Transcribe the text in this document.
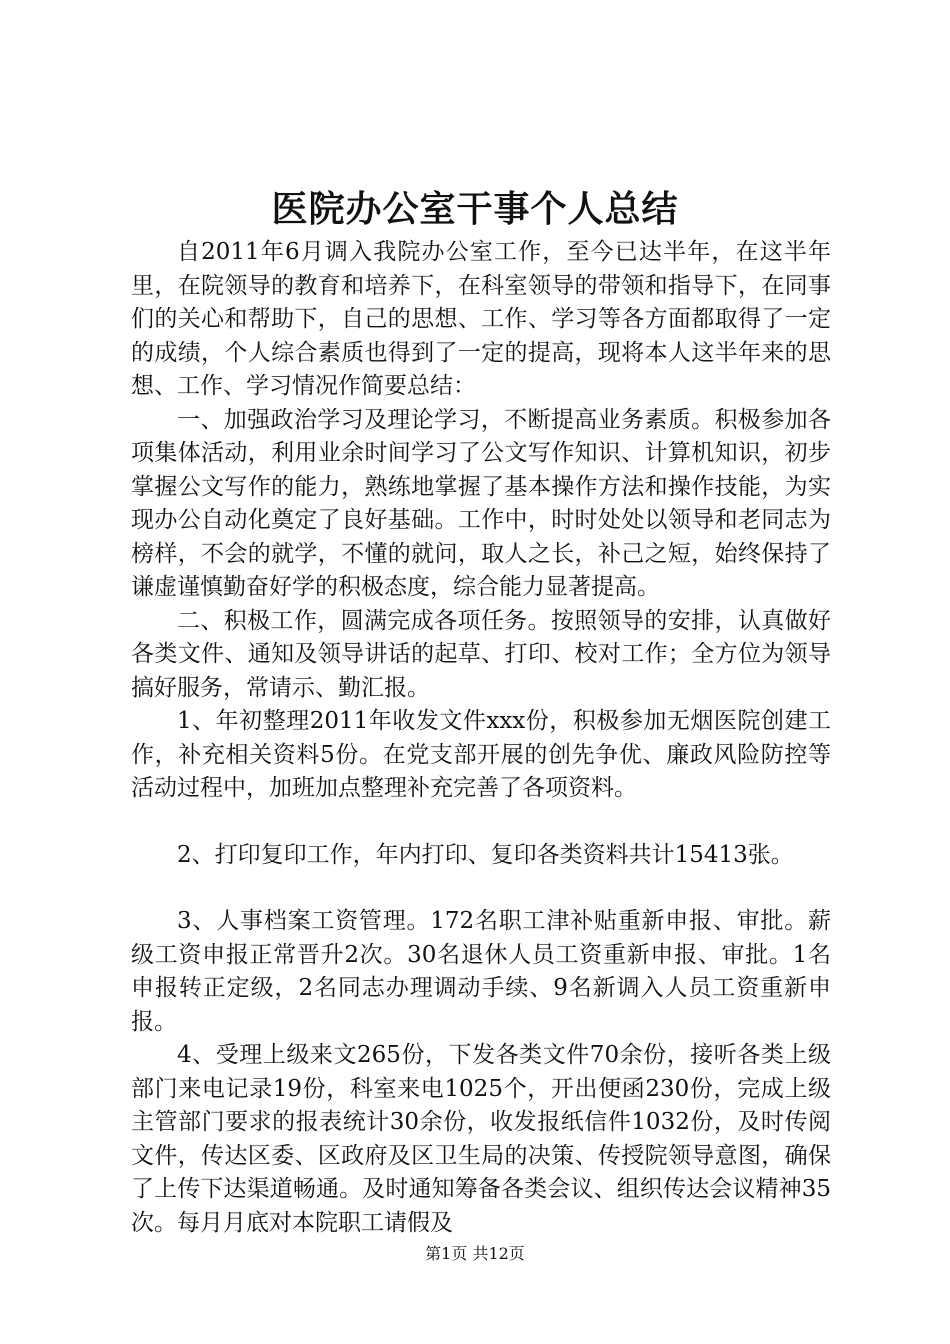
医院办公室干事个人总结

自2011年6月调入我院办公室工作，至今已达半年，在这半年里，在院领导的教育和培养下，在科室领导的带领和指导下，在同事们的关心和帮助下，自己的思想、工作、学习等各方面都取得了一定的成绩，个人综合素质也得到了一定的提高，现将本人这半年来的思想、工作、学习情况作简要总结：

一、加强政治学习及理论学习，不断提高业务素质。积极参加各项集体活动，利用业余时间学习了公文写作知识、计算机知识，初步掌握公文写作的能力，熟练地掌握了基本操作方法和操作技能，为实现办公自动化奠定了良好基础。工作中，时时处处以领导和老同志为榜样，不会的就学，不懂的就问，取人之长，补己之短，始终保持了谦虚谨慎勤奋好学的积极态度，综合能力显著提高。

二、积极工作，圆满完成各项任务。按照领导的安排，认真做好各类文件、通知及领导讲话的起草、打印、校对工作；全方位为领导搞好服务，常请示、勤汇报。

1、年初整理2011年收发文件xxx份，积极参加无烟医院创建工作，补充相关资料5份。在党支部开展的创先争优、廉政风险防控等活动过程中，加班加点整理补充完善了各项资料。

2、打印复印工作，年内打印、复印各类资料共计15413张。

3、人事档案工资管理。172名职工津补贴重新申报、审批。薪级工资申报正常晋升2次。30名退休人员工资重新申报、审批。1名申报转正定级，2名同志办理调动手续、9名新调入人员工资重新申报。

4、受理上级来文265份，下发各类文件70余份，接听各类上级部门来电记录19份，科室来电1025个，开出便函230份，完成上级主管部门要求的报表统计30余份，收发报纸信件1032份，及时传阅文件，传达区委、区政府及区卫生局的决策、传授院领导意图，确保了上传下达渠道畅通。及时通知筹备各类会议、组织传达会议精神35次。每月月底对本院职工请假及

第1页 共12页
